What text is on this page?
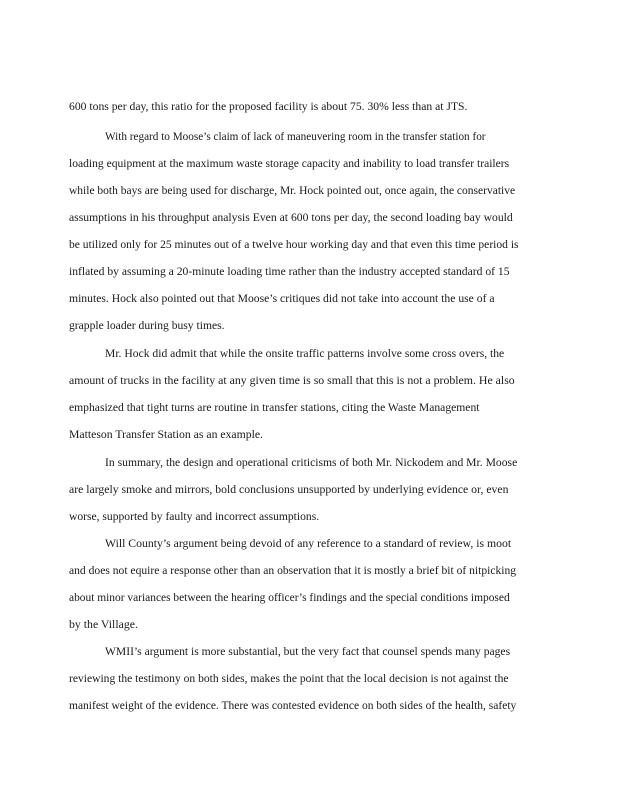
600 tons per day, this ratio for the proposed facility is about 75. 30% less than at JTS.
With regard to Moose’s claim of lack of maneuvering room in the transfer station for
loading equipment at the maximum waste storage capacity and inability to load transfer trailers
while both bays are being used for discharge, Mr. Hock pointed out, once again, the conservative
assumptions in his throughput analysis Even at 600 tons per day, the second loading bay would
be utilized only for 25 minutes out of a twelve hour working day and that even this time period is
inflated by assuming a 20-minute loading time rather than the industry accepted standard of 15
minutes. Hock also pointed out that Moose’s critiques did not take into account the use of a
grapple loader during busy times.
Mr. Hock did admit that while the onsite traffic patterns involve some cross overs, the
amount of trucks in the facility at any given time is so small that this is not a problem. He also
emphasized that tight turns are routine in transfer stations, citing the Waste Management
Matteson Transfer Station as an example.
In summary, the design and operational criticisms of both Mr. Nickodem and Mr. Moose
are largely smoke and mirrors, bold conclusions unsupported by underlying evidence or, even
worse, supported by faulty and incorrect assumptions.
Will County’s argument being devoid of any reference to a standard of review, is moot
and does not equire a response other than an observation that it is mostly a brief bit of nitpicking
about minor variances between the hearing officer’s findings and the special conditions imposed
by the Village.
WMII’s argument is more substantial, but the very fact that counsel spends many pages
reviewing the testimony on both sides, makes the point that the local decision is not against the
manifest weight of the evidence. There was contested evidence on both sides of the health, safety
